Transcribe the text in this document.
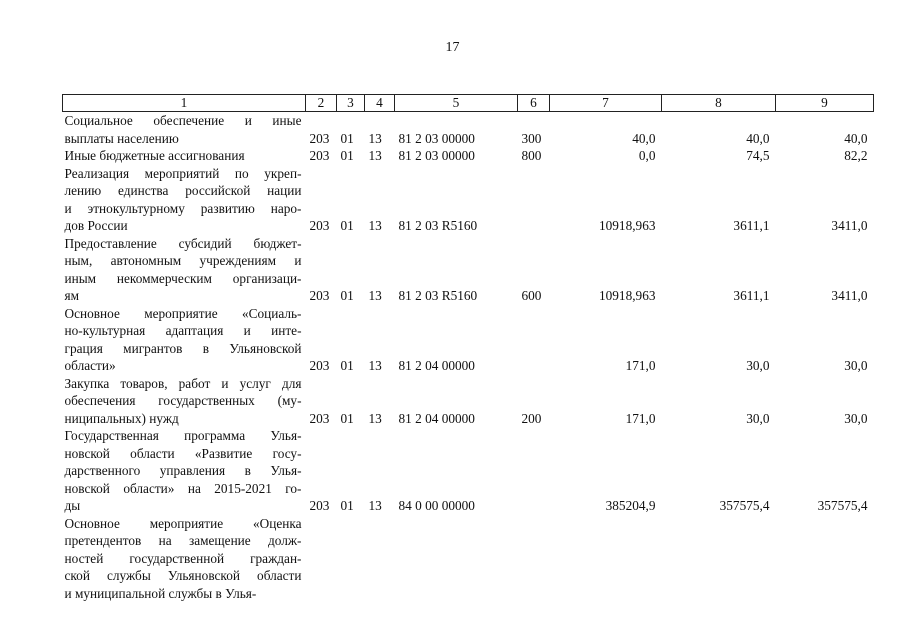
17
1	2	3	4	5	6	7	8	9

Социальное обеспечение и иные
выплаты населению	203	01	13	81 2 03 00000	300	40,0	40,0	40,0

Иные бюджетные ассигнования	203	01	13	81 2 03 00000	800	0,0	74,5	82,2

Реализация мероприятий по укреп-
лению единства российской нации
и этнокультурному развитию наро-
дов России	203	01	13	81 2 03 R5160		10918,963	3611,1	3411,0

Предоставление субсидий бюджет-
ным, автономным учреждениям и
иным некоммерческим организаци-
ям	203	01	13	81 2 03 R5160	600	10918,963	3611,1	3411,0

Основное мероприятие «Социаль-
но-культурная адаптация и инте-
грация мигрантов в Ульяновской
области»	203	01	13	81 2 04 00000		171,0	30,0	30,0

Закупка товаров, работ и услуг для
обеспечения государственных (му-
ниципальных) нужд	203	01	13	81 2 04 00000	200	171,0	30,0	30,0

Государственная программа Улья-
новской области «Развитие госу-
дарственного управления в Улья-
новской области» на 2015-2021 го-
ды	203	01	13	84 0 00 00000		385204,9	357575,4	357575,4

Основное мероприятие «Оценка
претендентов на замещение долж-
ностей государственной граждан-
ской службы Ульяновской области
и муниципальной службы в Улья-								
